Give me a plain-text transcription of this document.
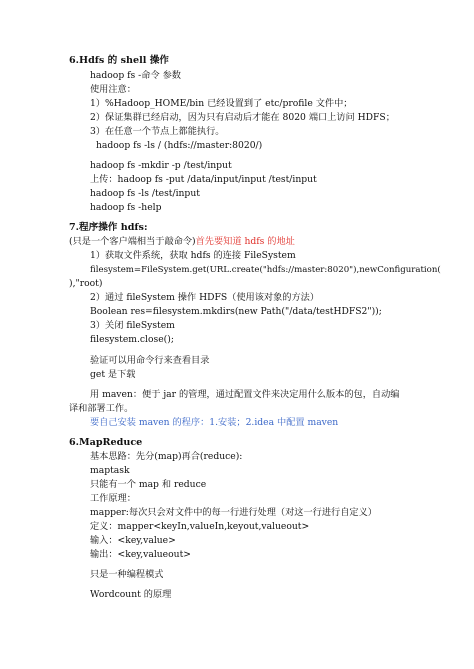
6.Hdfs 的 shell 操作
hadoop fs -命令 参数
使用注意：
1）%Hadoop_HOME/bin 已经设置到了 etc/profile 文件中；
2）保证集群已经启动，因为只有启动后才能在 8020 端口上访问 HDFS；
3）在任意一个节点上都能执行。
hadoop fs -ls / (hdfs://master:8020/)
hadoop fs -mkdir -p /test/input
上传：hadoop fs -put /data/input/input /test/input
hadoop fs -ls /test/input
hadoop fs -help
7.程序操作 hdfs:
(只是一个客户端相当于敲命令)首先要知道 hdfs 的地址
1）获取文件系统，获取 hdfs 的连接 FileSystem
filesystem=FileSystem.get(URL.create("hdfs://master:8020"),newConfiguration(
),"root)
2）通过 fileSystem 操作 HDFS（使用该对象的方法）
Boolean res=filesystem.mkdirs(new Path("/data/testHDFS2"));
3）关闭 fileSystem
filesystem.close();
验证可以用命令行来查看目录
get 是下载
用 maven：便于 jar 的管理，通过配置文件来决定用什么版本的包，自动编
译和部署工作。
要自己安装 maven 的程序：1.安装；2.idea 中配置 maven
6.MapReduce
基本思路：先分(map)再合(reduce):
maptask
只能有一个 map 和 reduce
工作原理：
mapper:每次只会对文件中的每一行进行处理（对这一行进行自定义）
定义：mapper<keyIn,valueIn,keyout,valueout>
输入：<key,value>
输出：<key,valueout>
只是一种编程模式
Wordcount 的原理
